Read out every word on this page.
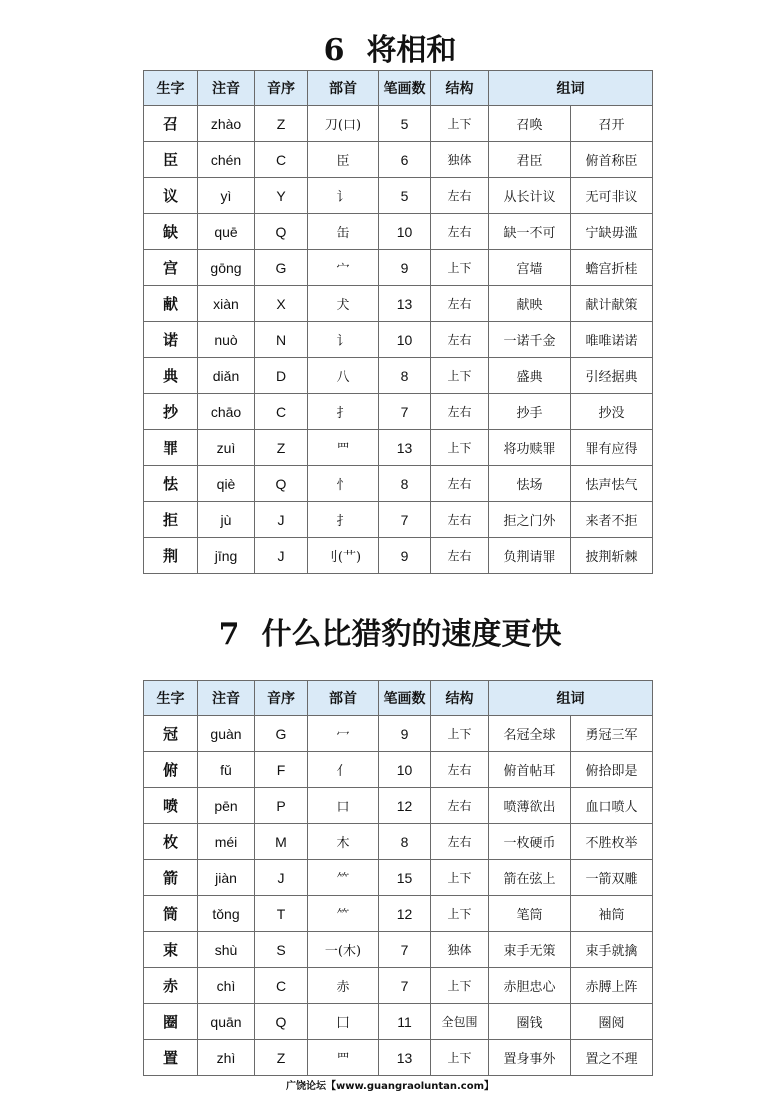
6 将相和
生字	注音	音序	部首	笔画数	结构	组词	
召	zhào	Z	刀(口)	5	上下	召唤	召开
臣	chén	C	臣	6	独体	君臣	俯首称臣
议	yì	Y	讠	5	左右	从长计议	无可非议
缺	quē	Q	缶	10	左右	缺一不可	宁缺毋滥
宫	gōng	G	宀	9	上下	宫墙	蟾宫折桂
献	xiàn	X	犬	13	左右	献映	献计献策
诺	nuò	N	讠	10	左右	一诺千金	唯唯诺诺
典	diǎn	D	八	8	上下	盛典	引经据典
抄	chāo	C	扌	7	左右	抄手	抄没
罪	zuì	Z	罒	13	上下	将功赎罪	罪有应得
怯	qiè	Q	忄	8	左右	怯场	怯声怯气
拒	jù	J	扌	7	左右	拒之门外	来者不拒
荆	jīng	J	刂(艹)	9	左右	负荆请罪	披荆斩棘
7 什么比猎豹的速度更快
生字	注音	音序	部首	笔画数	结构	组词	
冠	guàn	G	冖	9	上下	名冠全球	勇冠三军
俯	fǔ	F	亻	10	左右	俯首帖耳	俯拾即是
喷	pēn	P	口	12	左右	喷薄欲出	血口喷人
枚	méi	M	木	8	左右	一枚硬币	不胜枚举
箭	jiàn	J	⺮	15	上下	箭在弦上	一箭双雕
筒	tǒng	T	⺮	12	上下	笔筒	袖筒
束	shù	S	一(木)	7	独体	束手无策	束手就擒
赤	chì	C	赤	7	上下	赤胆忠心	赤膊上阵
圈	quān	Q	囗	11	全包围	圈钱	圈阅
置	zhì	Z	罒	13	上下	置身事外	置之不理
广饶论坛【www.guangraoluntan.com】
